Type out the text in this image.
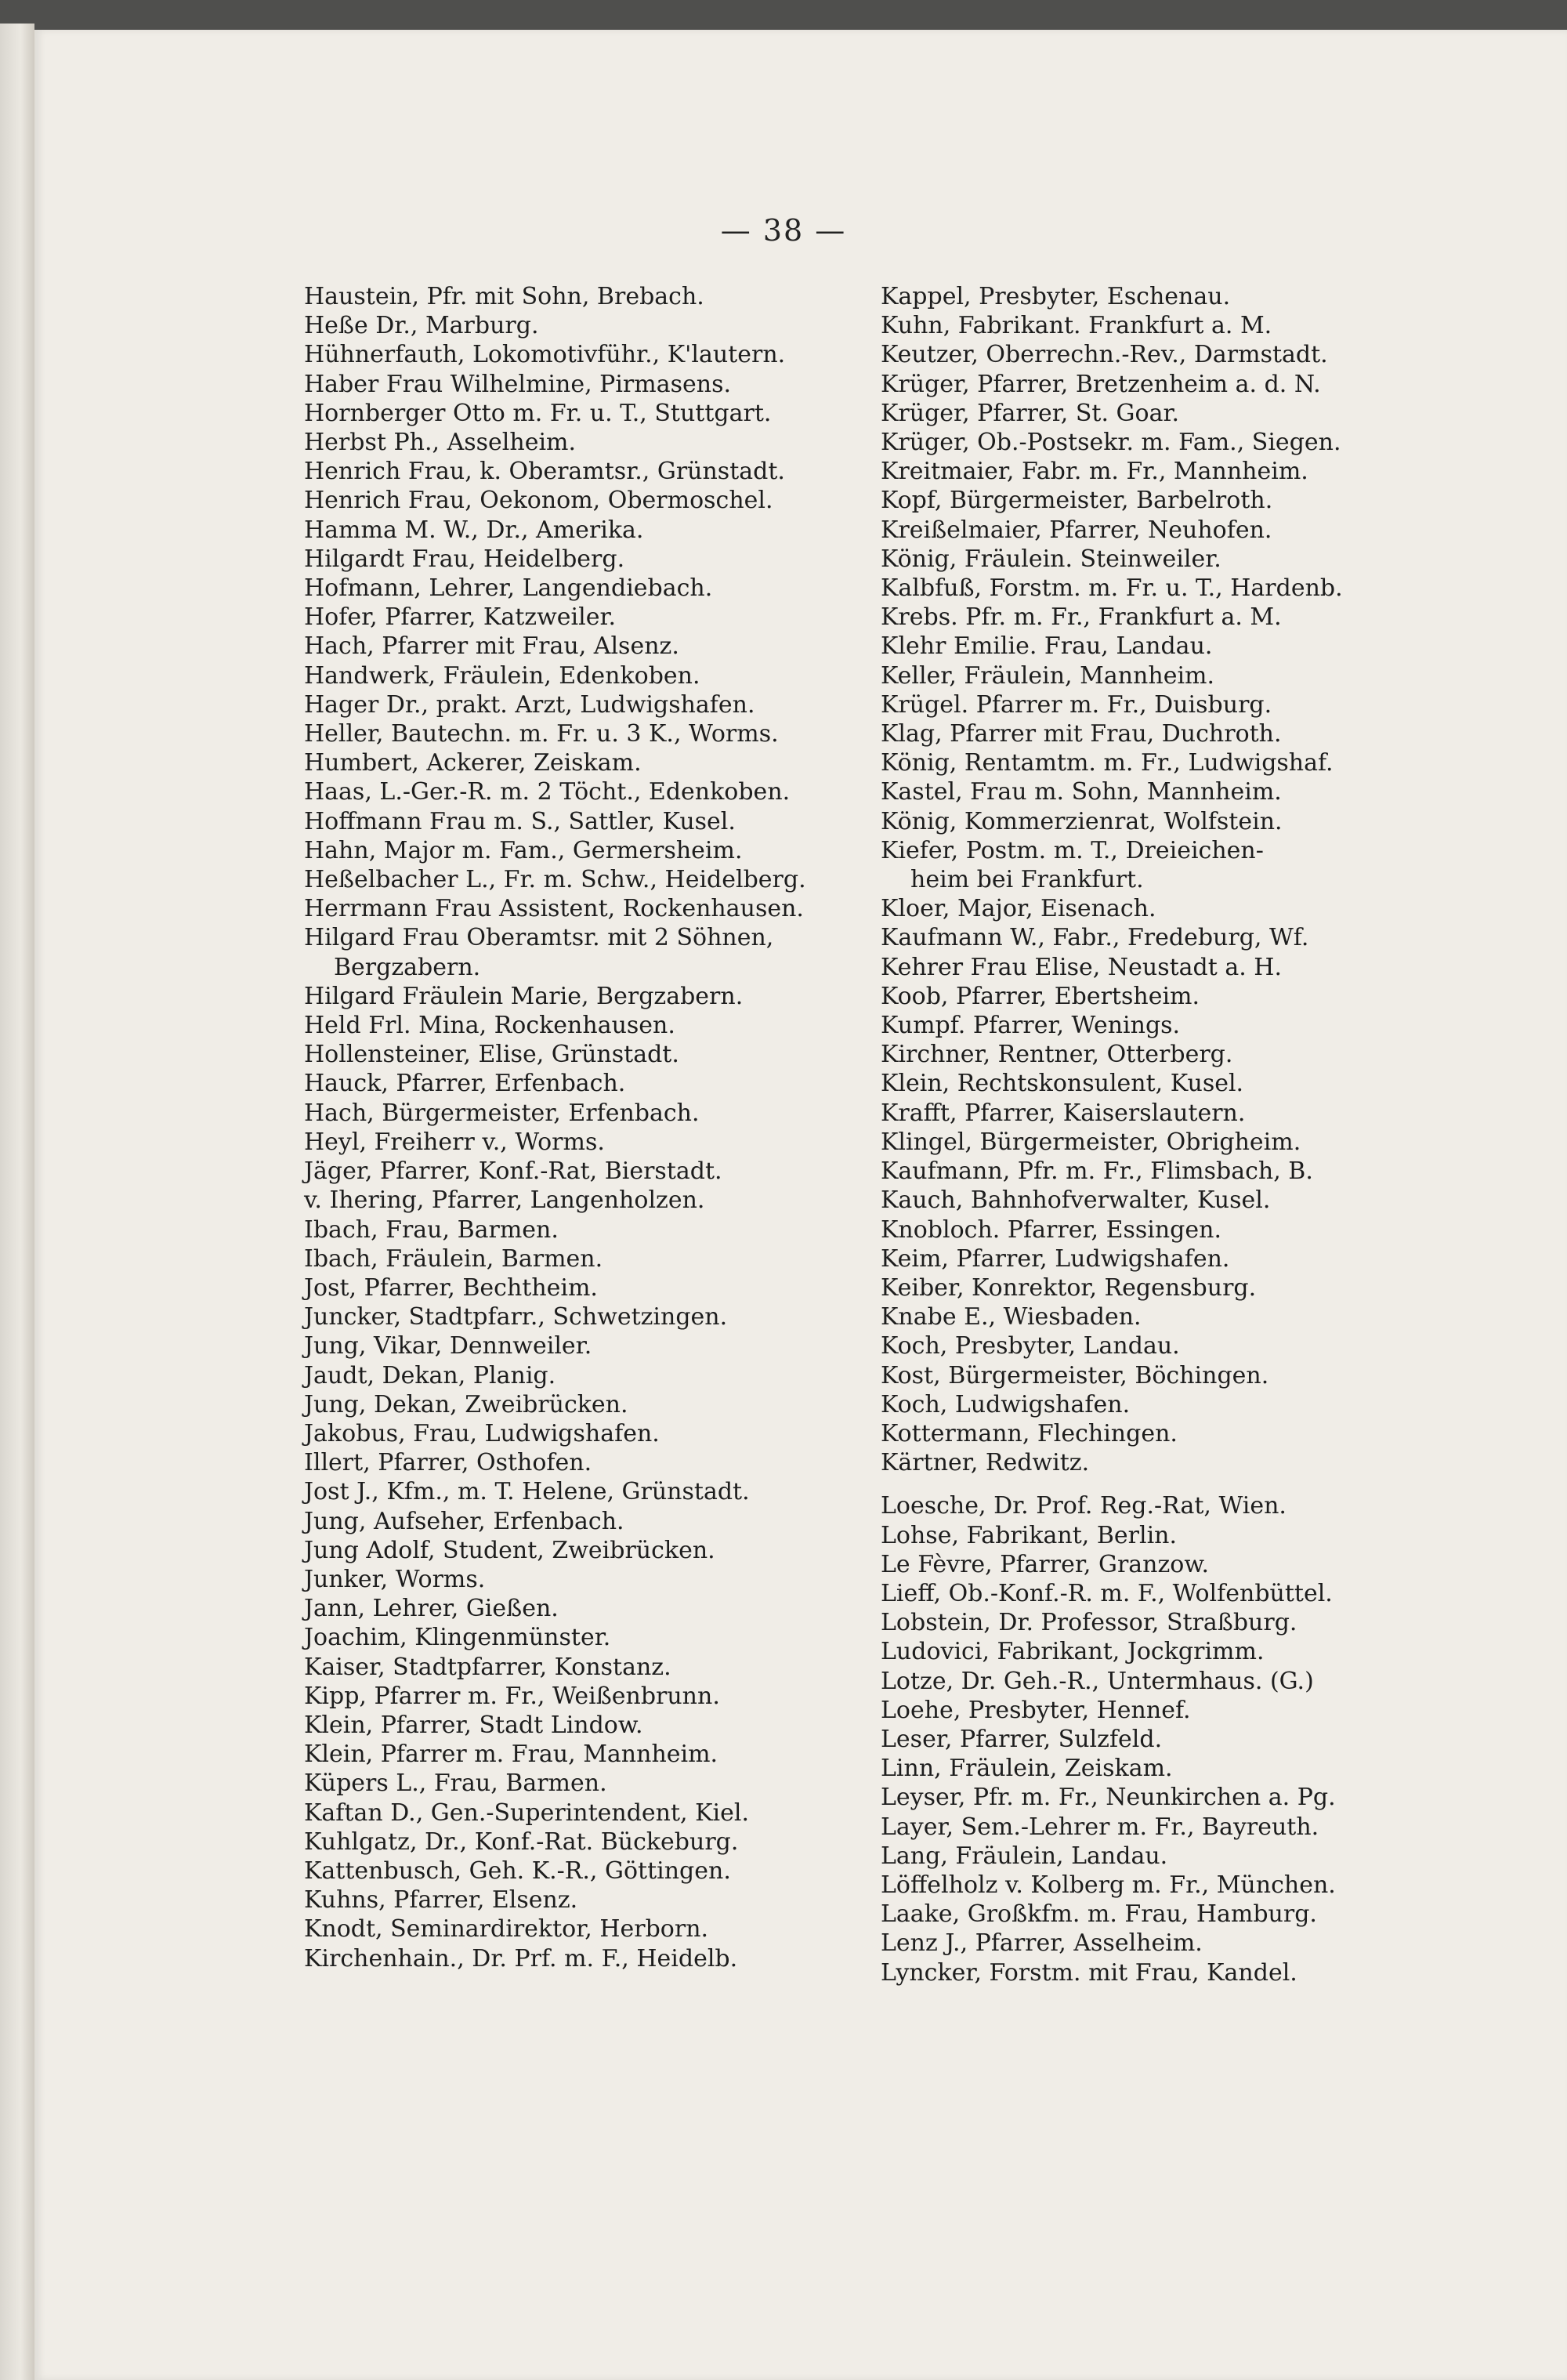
— 38 —
Haustein, Pfr. mit Sohn, Brebach.
Heße Dr., Marburg.
Hühnerfauth, Lokomotivführ., K'lautern.
Haber Frau Wilhelmine, Pirmasens.
Hornberger Otto m. Fr. u. T., Stuttgart.
Herbst Ph., Asselheim.
Henrich Frau, k. Oberamtsr., Grünstadt.
Henrich Frau, Oekonom, Obermoschel.
Hamma M. W., Dr., Amerika.
Hilgardt Frau, Heidelberg.
Hofmann, Lehrer, Langendiebach.
Hofer, Pfarrer, Katzweiler.
Hach, Pfarrer mit Frau, Alsenz.
Handwerk, Fräulein, Edenkoben.
Hager Dr., prakt. Arzt, Ludwigshafen.
Heller, Bautechn. m. Fr. u. 3 K., Worms.
Humbert, Ackerer, Zeiskam.
Haas, L.-Ger.-R. m. 2 Töcht., Edenkoben.
Hoffmann Frau m. S., Sattler, Kusel.
Hahn, Major m. Fam., Germersheim.
Heßelbacher L., Fr. m. Schw., Heidelberg.
Herrmann Frau Assistent, Rockenhausen.
Hilgard Frau Oberamtsr. mit 2 Söhnen,
Bergzabern.
Hilgard Fräulein Marie, Bergzabern.
Held Frl. Mina, Rockenhausen.
Hollensteiner, Elise, Grünstadt.
Hauck, Pfarrer, Erfenbach.
Hach, Bürgermeister, Erfenbach.
Heyl, Freiherr v., Worms.
Jäger, Pfarrer, Konf.-Rat, Bierstadt.
v. Ihering, Pfarrer, Langenholzen.
Ibach, Frau, Barmen.
Ibach, Fräulein, Barmen.
Jost, Pfarrer, Bechtheim.
Juncker, Stadtpfarr., Schwetzingen.
Jung, Vikar, Dennweiler.
Jaudt, Dekan, Planig.
Jung, Dekan, Zweibrücken.
Jakobus, Frau, Ludwigshafen.
Illert, Pfarrer, Osthofen.
Jost J., Kfm., m. T. Helene, Grünstadt.
Jung, Aufseher, Erfenbach.
Jung Adolf, Student, Zweibrücken.
Junker, Worms.
Jann, Lehrer, Gießen.
Joachim, Klingenmünster.
Kaiser, Stadtpfarrer, Konstanz.
Kipp, Pfarrer m. Fr., Weißenbrunn.
Klein, Pfarrer, Stadt Lindow.
Klein, Pfarrer m. Frau, Mannheim.
Küpers L., Frau, Barmen.
Kaftan D., Gen.-Superintendent, Kiel.
Kuhlgatz, Dr., Konf.-Rat. Bückeburg.
Kattenbusch, Geh. K.-R., Göttingen.
Kuhns, Pfarrer, Elsenz.
Knodt, Seminardirektor, Herborn.
Kirchenhain., Dr. Prf. m. F., Heidelb.
Kappel, Presbyter, Eschenau.
Kuhn, Fabrikant. Frankfurt a. M.
Keutzer, Oberrechn.-Rev., Darmstadt.
Krüger, Pfarrer, Bretzenheim a. d. N.
Krüger, Pfarrer, St. Goar.
Krüger, Ob.-Postsekr. m. Fam., Siegen.
Kreitmaier, Fabr. m. Fr., Mannheim.
Kopf, Bürgermeister, Barbelroth.
Kreißelmaier, Pfarrer, Neuhofen.
König, Fräulein. Steinweiler.
Kalbfuß, Forstm. m. Fr. u. T., Hardenb.
Krebs. Pfr. m. Fr., Frankfurt a. M.
Klehr Emilie. Frau, Landau.
Keller, Fräulein, Mannheim.
Krügel. Pfarrer m. Fr., Duisburg.
Klag, Pfarrer mit Frau, Duchroth.
König, Rentamtm. m. Fr., Ludwigshaf.
Kastel, Frau m. Sohn, Mannheim.
König, Kommerzienrat, Wolfstein.
Kiefer, Postm. m. T., Dreieichen-
heim bei Frankfurt.
Kloer, Major, Eisenach.
Kaufmann W., Fabr., Fredeburg, Wf.
Kehrer Frau Elise, Neustadt a. H.
Koob, Pfarrer, Ebertsheim.
Kumpf. Pfarrer, Wenings.
Kirchner, Rentner, Otterberg.
Klein, Rechtskonsulent, Kusel.
Krafft, Pfarrer, Kaiserslautern.
Klingel, Bürgermeister, Obrigheim.
Kaufmann, Pfr. m. Fr., Flimsbach, B.
Kauch, Bahnhofverwalter, Kusel.
Knobloch. Pfarrer, Essingen.
Keim, Pfarrer, Ludwigshafen.
Keiber, Konrektor, Regensburg.
Knabe E., Wiesbaden.
Koch, Presbyter, Landau.
Kost, Bürgermeister, Böchingen.
Koch, Ludwigshafen.
Kottermann, Flechingen.
Kärtner, Redwitz.
Loesche, Dr. Prof. Reg.-Rat, Wien.
Lohse, Fabrikant, Berlin.
Le Fèvre, Pfarrer, Granzow.
Lieff, Ob.-Konf.-R. m. F., Wolfenbüttel.
Lobstein, Dr. Professor, Straßburg.
Ludovici, Fabrikant, Jockgrimm.
Lotze, Dr. Geh.-R., Untermhaus. (G.)
Loehe, Presbyter, Hennef.
Leser, Pfarrer, Sulzfeld.
Linn, Fräulein, Zeiskam.
Leyser, Pfr. m. Fr., Neunkirchen a. Pg.
Layer, Sem.-Lehrer m. Fr., Bayreuth.
Lang, Fräulein, Landau.
Löffelholz v. Kolberg m. Fr., München.
Laake, Großkfm. m. Frau, Hamburg.
Lenz J., Pfarrer, Asselheim.
Lyncker, Forstm. mit Frau, Kandel.
